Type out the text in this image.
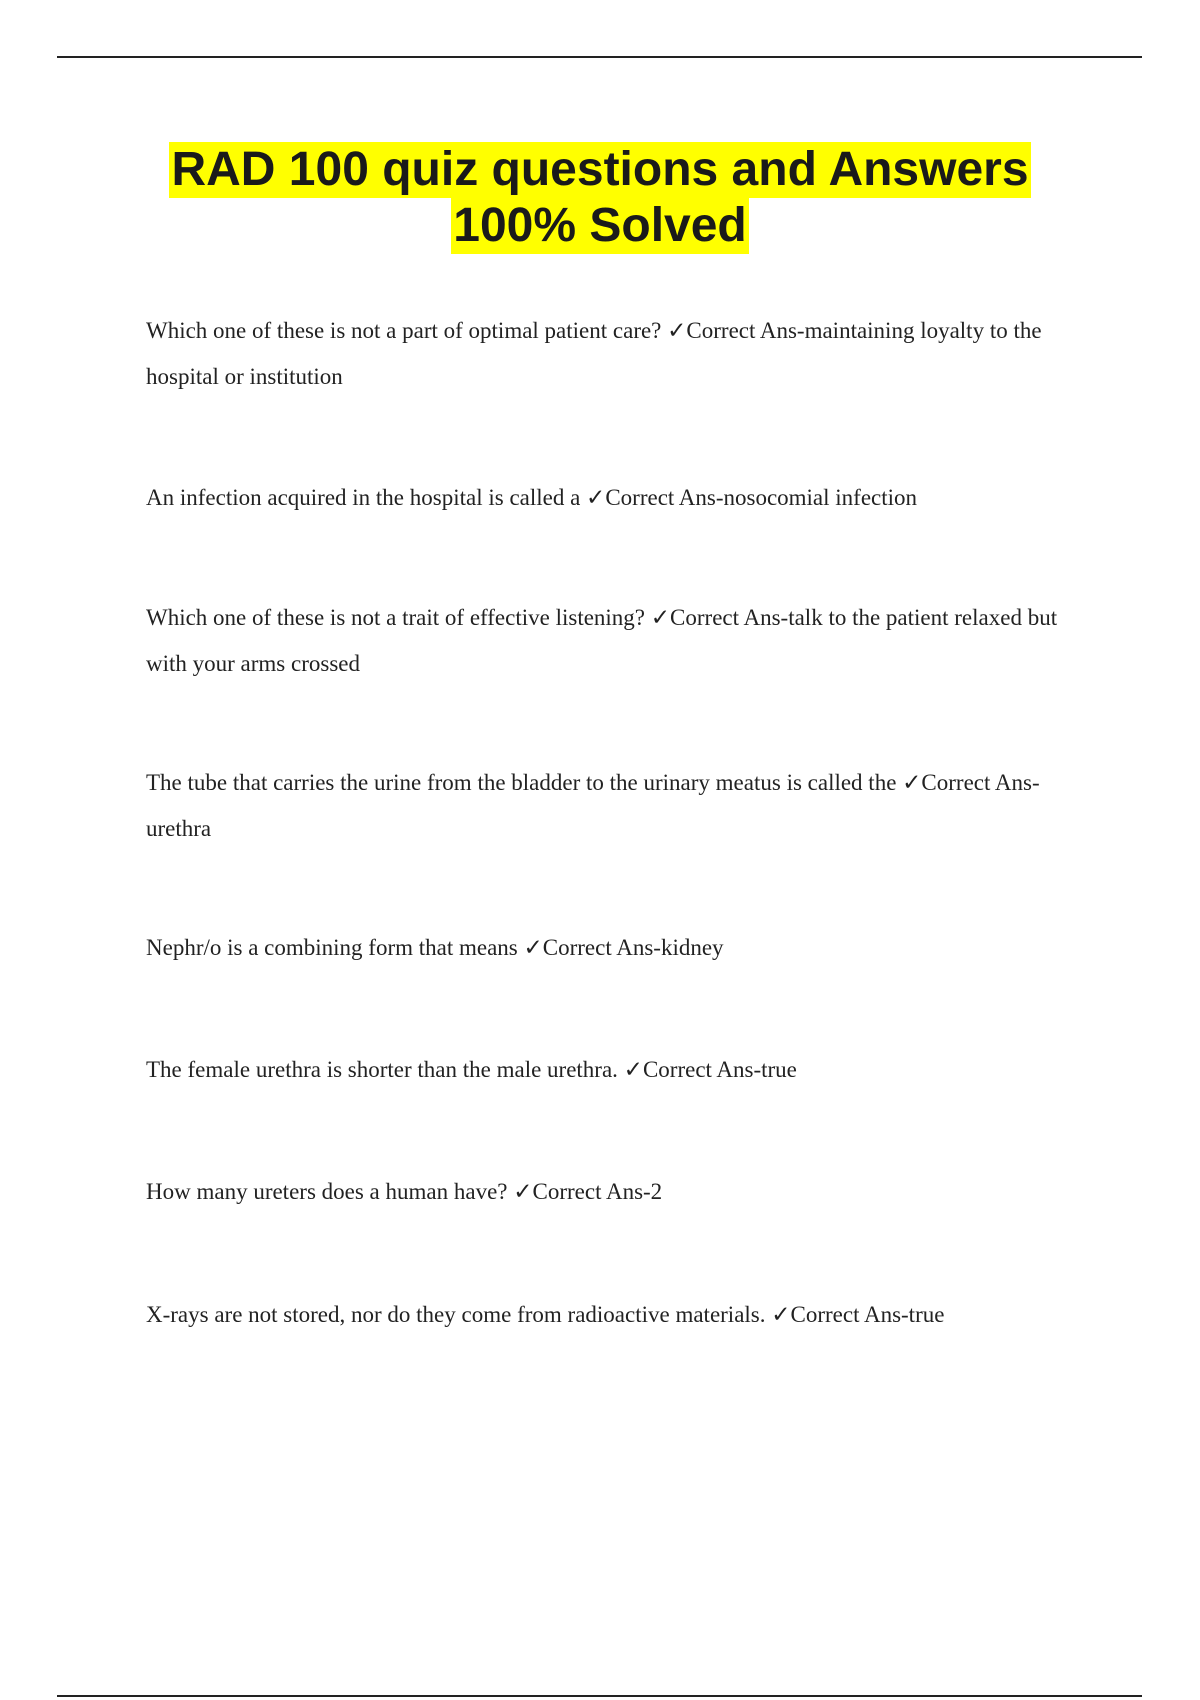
RAD 100 quiz questions and Answers
100% Solved

Which one of these is not a part of optimal patient care? ✓Correct Ans-maintaining loyalty to the hospital or institution

An infection acquired in the hospital is called a ✓Correct Ans-nosocomial infection

Which one of these is not a trait of effective listening? ✓Correct Ans-talk to the patient relaxed but with your arms crossed

The tube that carries the urine from the bladder to the urinary meatus is called the ✓Correct Ans-urethra

Nephr/o is a combining form that means ✓Correct Ans-kidney

The female urethra is shorter than the male urethra. ✓Correct Ans-true

How many ureters does a human have? ✓Correct Ans-2

X-rays are not stored, nor do they come from radioactive materials. ✓Correct Ans-true
